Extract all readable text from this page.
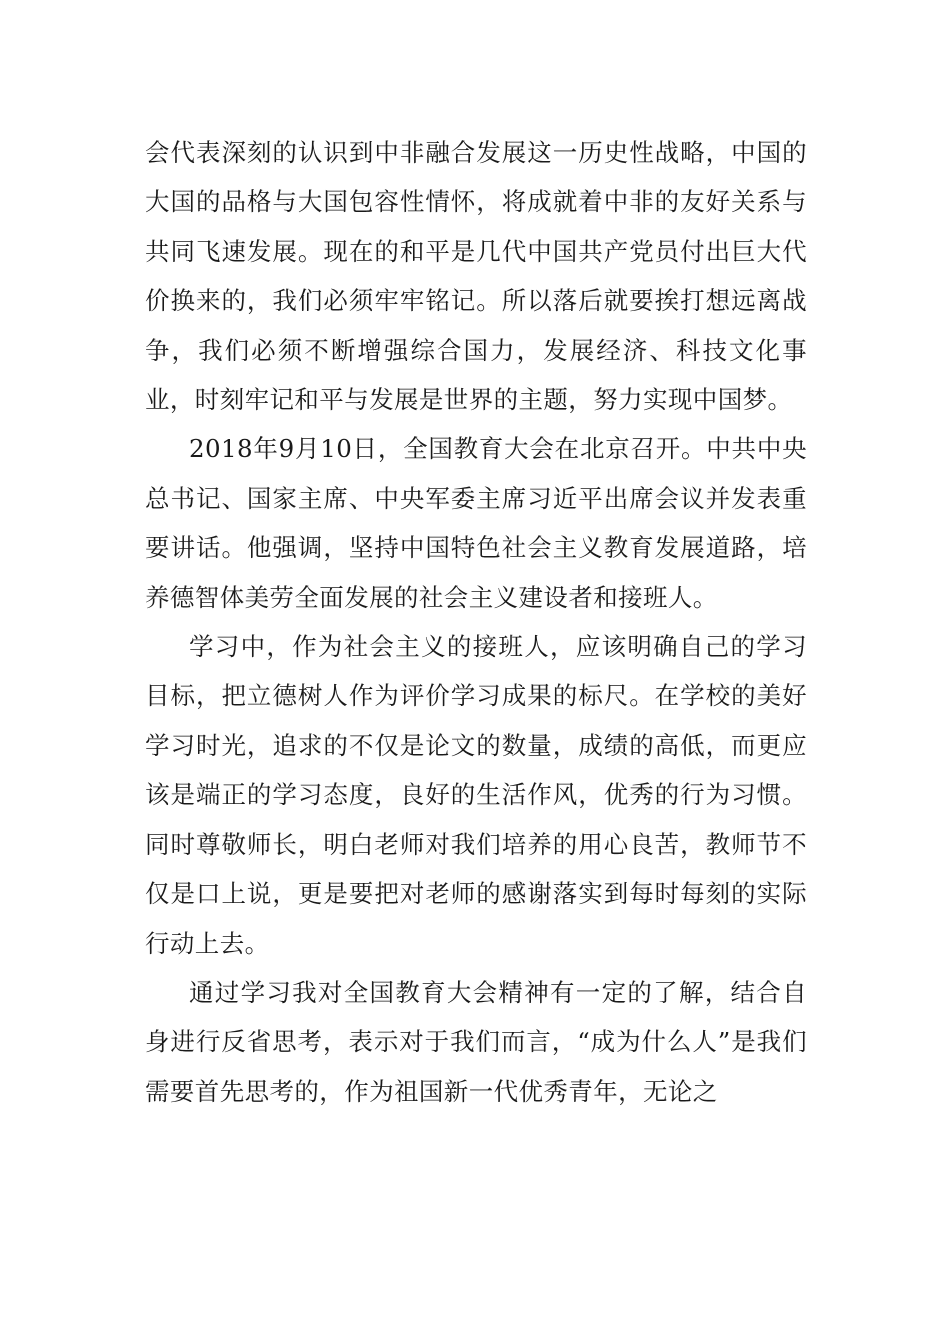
会代表深刻的认识到中非融合发展这一历史性战略，中国的大国的品格与大国包容性情怀，将成就着中非的友好关系与共同飞速发展。现在的和平是几代中国共产党员付出巨大代价换来的，我们必须牢牢铭记。所以落后就要挨打想远离战争，我们必须不断增强综合国力，发展经济、科技文化事业，时刻牢记和平与发展是世界的主题，努力实现中国梦。

2018年9月10日，全国教育大会在北京召开。中共中央总书记、国家主席、中央军委主席习近平出席会议并发表重要讲话。他强调，坚持中国特色社会主义教育发展道路，培养德智体美劳全面发展的社会主义建设者和接班人。

学习中，作为社会主义的接班人，应该明确自己的学习目标，把立德树人作为评价学习成果的标尺。在学校的美好学习时光，追求的不仅是论文的数量，成绩的高低，而更应该是端正的学习态度，良好的生活作风，优秀的行为习惯。同时尊敬师长，明白老师对我们培养的用心良苦，教师节不仅是口上说，更是要把对老师的感谢落实到每时每刻的实际行动上去。

通过学习我对全国教育大会精神有一定的了解，结合自身进行反省思考，表示对于我们而言，“成为什么人”是我们需要首先思考的，作为祖国新一代优秀青年，无论之
